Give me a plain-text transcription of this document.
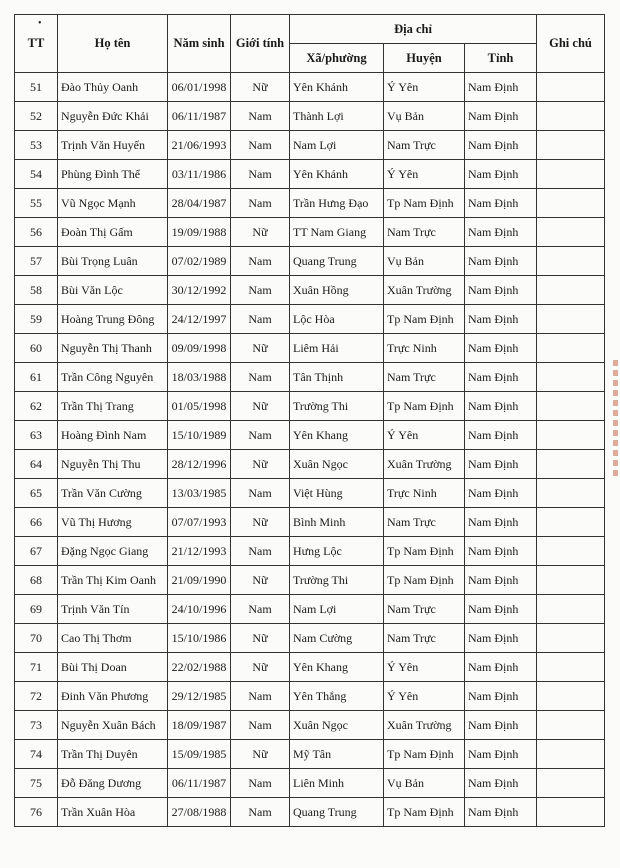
•
TT	Họ tên	Năm sinh	Giới tính	Địa chỉ			Ghi chú
				Xã/phường	Huyện	Tỉnh	
51	Đào Thủy Oanh	06/01/1998	Nữ	Yên Khánh	Ý Yên	Nam Định	
52	Nguyễn Đức Khải	06/11/1987	Nam	Thành Lợi	Vụ Bản	Nam Định	
53	Trịnh Văn Huyến	21/06/1993	Nam	Nam Lợi	Nam Trực	Nam Định	
54	Phùng Đình Thể	03/11/1986	Nam	Yên Khánh	Ý Yên	Nam Định	
55	Vũ Ngọc Mạnh	28/04/1987	Nam	Trần Hưng Đạo	Tp Nam Định	Nam Định	
56	Đoàn Thị Gấm	19/09/1988	Nữ	TT Nam Giang	Nam Trực	Nam Định	
57	Bùi Trọng Luân	07/02/1989	Nam	Quang Trung	Vụ Bản	Nam Định	
58	Bùi Văn Lộc	30/12/1992	Nam	Xuân Hồng	Xuân Trường	Nam Định	
59	Hoàng Trung Đông	24/12/1997	Nam	Lộc Hòa	Tp Nam Định	Nam Định	
60	Nguyễn Thị Thanh	09/09/1998	Nữ	Liêm Hải	Trực Ninh	Nam Định	
61	Trần Công Nguyên	18/03/1988	Nam	Tân Thịnh	Nam Trực	Nam Định	
62	Trần Thị Trang	01/05/1998	Nữ	Trường Thi	Tp Nam Định	Nam Định	
63	Hoàng Đình Nam	15/10/1989	Nam	Yên Khang	Ý Yên	Nam Định	
64	Nguyễn Thị Thu	28/12/1996	Nữ	Xuân Ngọc	Xuân Trường	Nam Định	
65	Trần Văn Cường	13/03/1985	Nam	Việt Hùng	Trực Ninh	Nam Định	
66	Vũ Thị Hương	07/07/1993	Nữ	Bình Minh	Nam Trực	Nam Định	
67	Đặng Ngọc Giang	21/12/1993	Nam	Hưng Lộc	Tp Nam Định	Nam Định	
68	Trần Thị Kim Oanh	21/09/1990	Nữ	Trường Thi	Tp Nam Định	Nam Định	
69	Trịnh Văn Tín	24/10/1996	Nam	Nam Lợi	Nam Trực	Nam Định	
70	Cao Thị Thơm	15/10/1986	Nữ	Nam Cường	Nam Trực	Nam Định	
71	Bùi Thị Doan	22/02/1988	Nữ	Yên Khang	Ý Yên	Nam Định	
72	Đinh Văn Phương	29/12/1985	Nam	Yên Thắng	Ý Yên	Nam Định	
73	Nguyễn Xuân Bách	18/09/1987	Nam	Xuân Ngọc	Xuân Trường	Nam Định	
74	Trần Thị Duyên	15/09/1985	Nữ	Mỹ Tân	Tp Nam Định	Nam Định	
75	Đỗ Đăng Dương	06/11/1987	Nam	Liên Minh	Vụ Bản	Nam Định	
76	Trần Xuân Hòa	27/08/1988	Nam	Quang Trung	Tp Nam Định	Nam Định	
